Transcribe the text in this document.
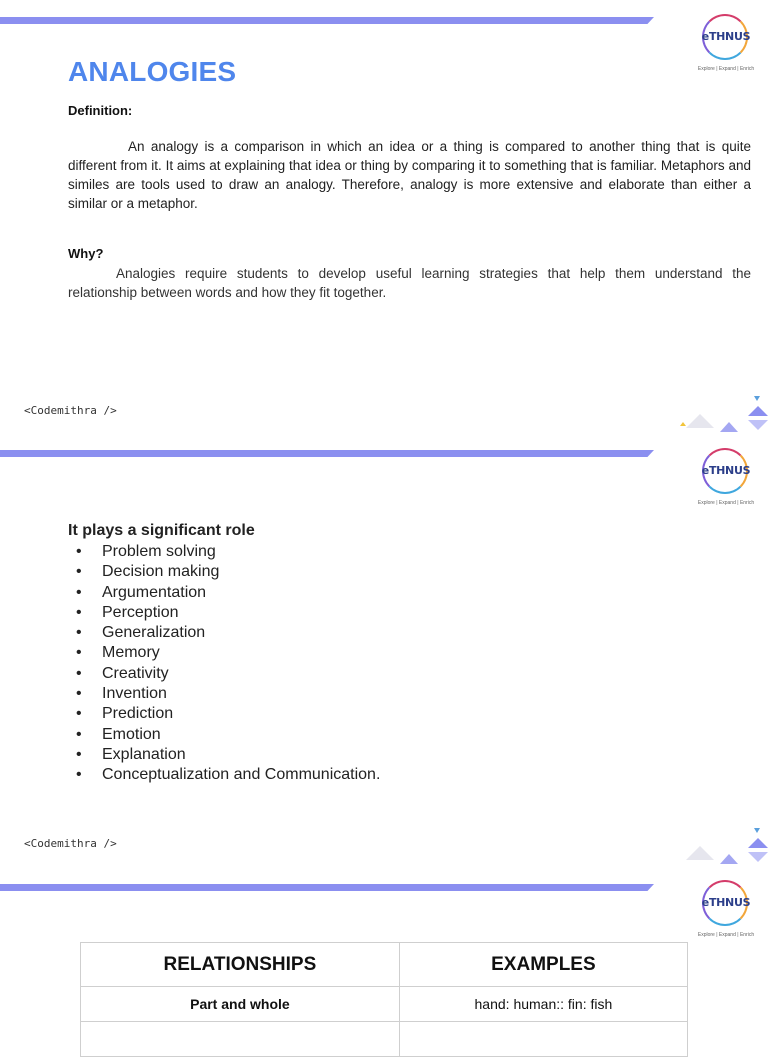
eTHNUS
Explore | Expand | Enrich
ANALOGIES
Definition:
An analogy is a comparison in which an idea or a thing is compared to another thing that is quite different from it. It aims at explaining that idea or thing by comparing it to something that is familiar. Metaphors and similes are tools used to draw an analogy. Therefore, analogy is more extensive and elaborate than either a similar or a metaphor.
Why?
Analogies require students to develop useful learning strategies that help them understand the relationship between words and how they fit together.
<Codemithra />
eTHNUS
Explore | Expand | Enrich
<Codemithra />
It plays a significant role
• Problem solving
• Decision making
• Argumentation
• Perception
• Generalization
• Memory
• Creativity
• Invention
• Prediction
• Emotion
• Explanation
• Conceptualization and Communication.
eTHNUS
Explore | Expand | Enrich
RELATIONSHIPS	EXAMPLES
Part and whole	hand: human:: fin: fish
